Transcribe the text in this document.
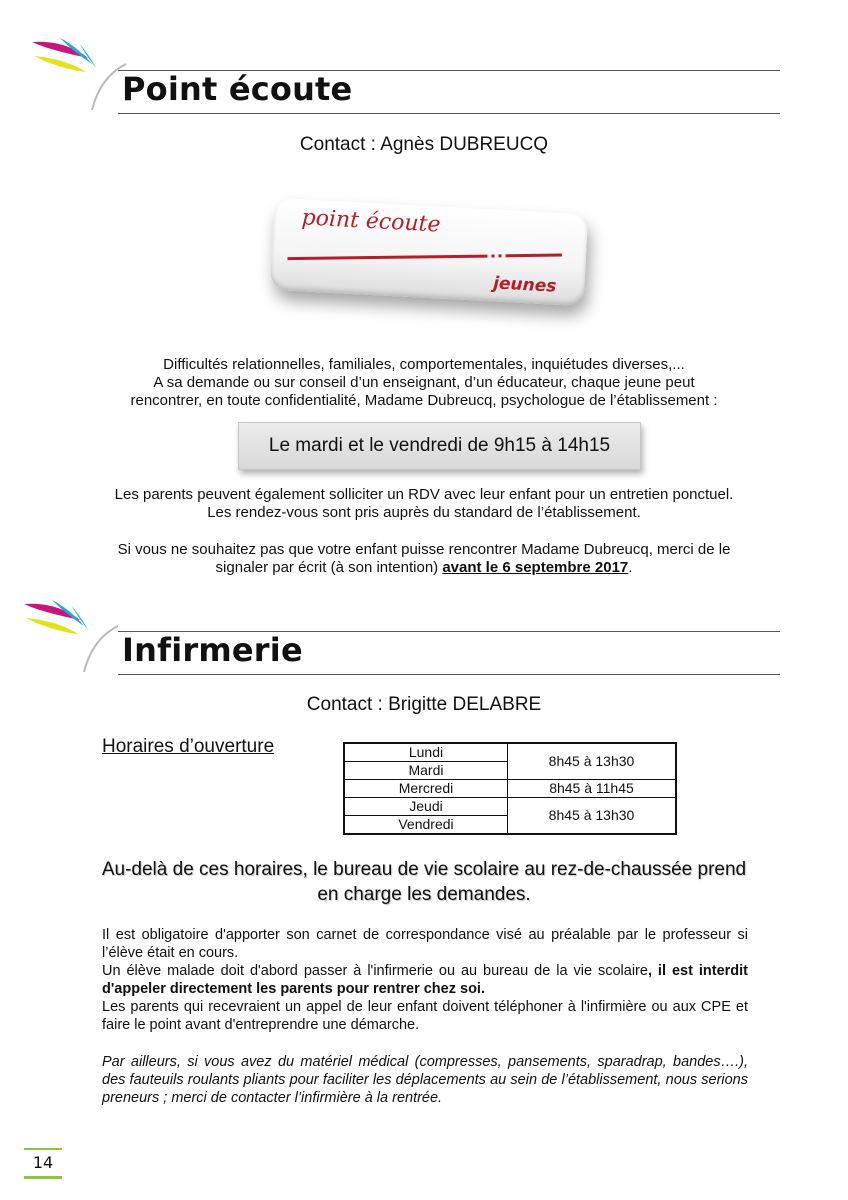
Point écoute
Contact : Agnès DUBREUCQ
point écoute
jeunes
Difficultés relationnelles, familiales, comportementales, inquiétudes diverses,...
A sa demande ou sur conseil d’un enseignant, d’un éducateur, chaque jeune peut
rencontrer, en toute confidentialité, Madame Dubreucq, psychologue de l’établissement :
Le mardi et le vendredi de 9h15 à 14h15
Les parents peuvent également solliciter un RDV avec leur enfant pour un entretien ponctuel.
Les rendez-vous sont pris auprès du standard de l’établissement.
Si vous ne souhaitez pas que votre enfant puisse rencontrer Madame Dubreucq, merci de le
signaler par écrit (à son intention) avant le 6 septembre 2017.
Infirmerie
Contact : Brigitte DELABRE
Horaires d’ouverture	Lundi	8h45 à 13h30
Mardi	
Mercredi	8h45 à 11h45
Jeudi	8h45 à 13h30
Vendredi	
Au-delà de ces horaires, le bureau de vie scolaire au rez-de-chaussée prend
en charge les demandes.
Il est obligatoire d'apporter son carnet de correspondance visé au préalable par le professeur si l’élève était en cours.
Un élève malade doit d'abord passer à l'infirmerie ou au bureau de la vie scolaire, il est interdit d'appeler directement les parents pour rentrer chez soi.
Les parents qui recevraient un appel de leur enfant doivent téléphoner à l'infirmière ou aux CPE et faire le point avant d'entreprendre une démarche.
Par ailleurs, si vous avez du matériel médical (compresses, pansements, sparadrap, bandes….), des fauteuils roulants pliants pour faciliter les déplacements au sein de l’établissement, nous serions preneurs ; merci de contacter l’infirmière à la rentrée.
14
